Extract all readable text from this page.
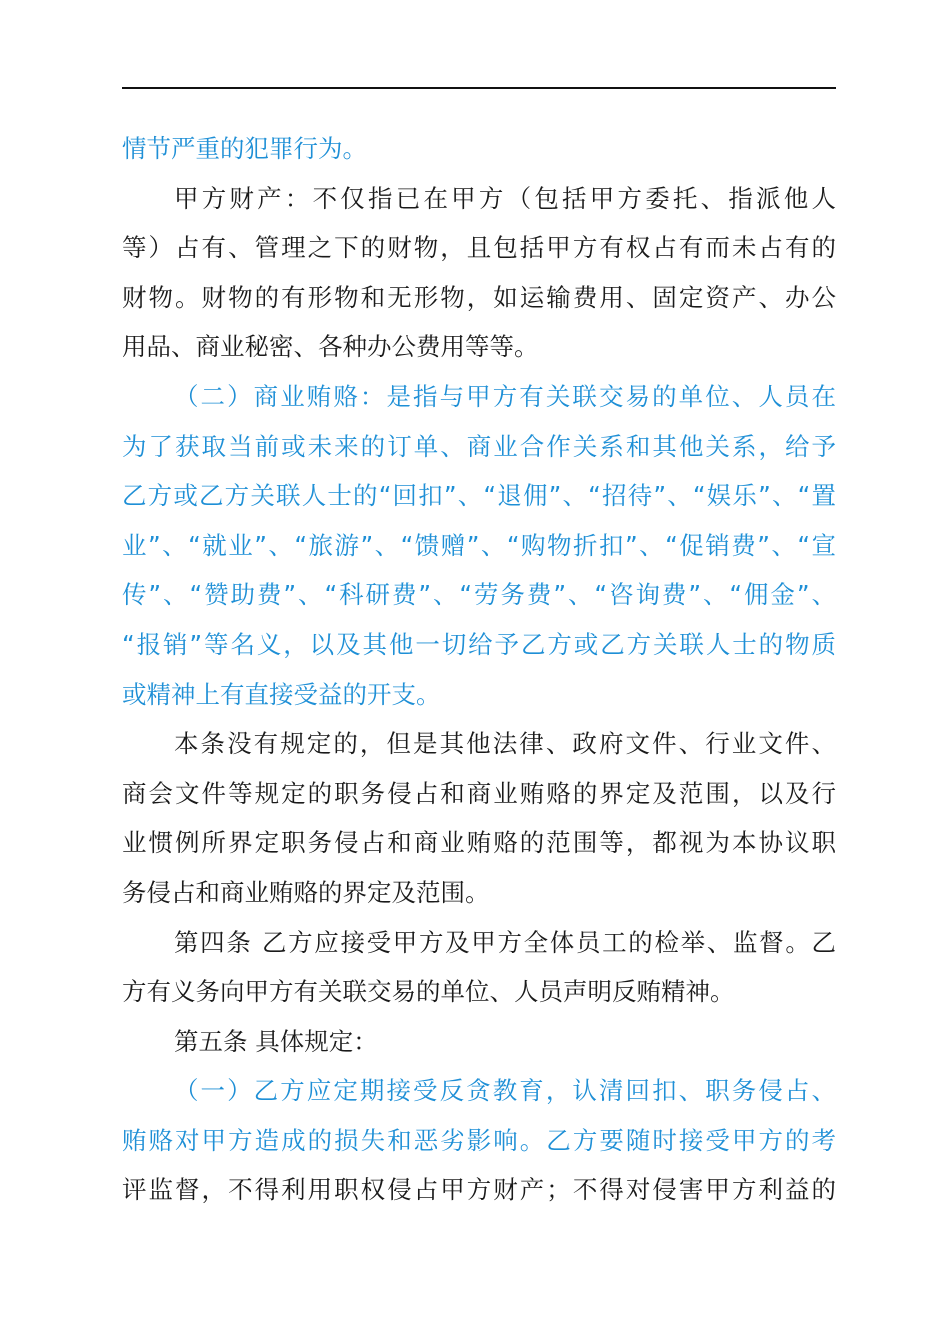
情节严重的犯罪行为。
甲方财产：不仅指已在甲方（包括甲方委托、指派他人
等）占有、管理之下的财物，且包括甲方有权占有而未占有的
财物。财物的有形物和无形物，如运输费用、固定资产、办公
用品、商业秘密、各种办公费用等等。
（二）商业贿赂：是指与甲方有关联交易的单位、人员在
为了获取当前或未来的订单、商业合作关系和其他关系，给予
乙方或乙方关联人士的“回扣”、“退佣”、“招待”、“娱乐”、“置
业”、“就业”、“旅游”、“馈赠”、“购物折扣”、“促销费”、“宣
传”、“赞助费”、“科研费”、“劳务费”、“咨询费”、“佣金”、
“报销”等名义，以及其他一切给予乙方或乙方关联人士的物质
或精神上有直接受益的开支。
本条没有规定的，但是其他法律、政府文件、行业文件、
商会文件等规定的职务侵占和商业贿赂的界定及范围，以及行
业惯例所界定职务侵占和商业贿赂的范围等，都视为本协议职
务侵占和商业贿赂的界定及范围。
第四条 乙方应接受甲方及甲方全体员工的检举、监督。乙
方有义务向甲方有关联交易的单位、人员声明反贿精神。
第五条 具体规定：
（一）乙方应定期接受反贪教育，认清回扣、职务侵占、
贿赂对甲方造成的损失和恶劣影响。乙方要随时接受甲方的考
评监督，不得利用职权侵占甲方财产；不得对侵害甲方利益的
